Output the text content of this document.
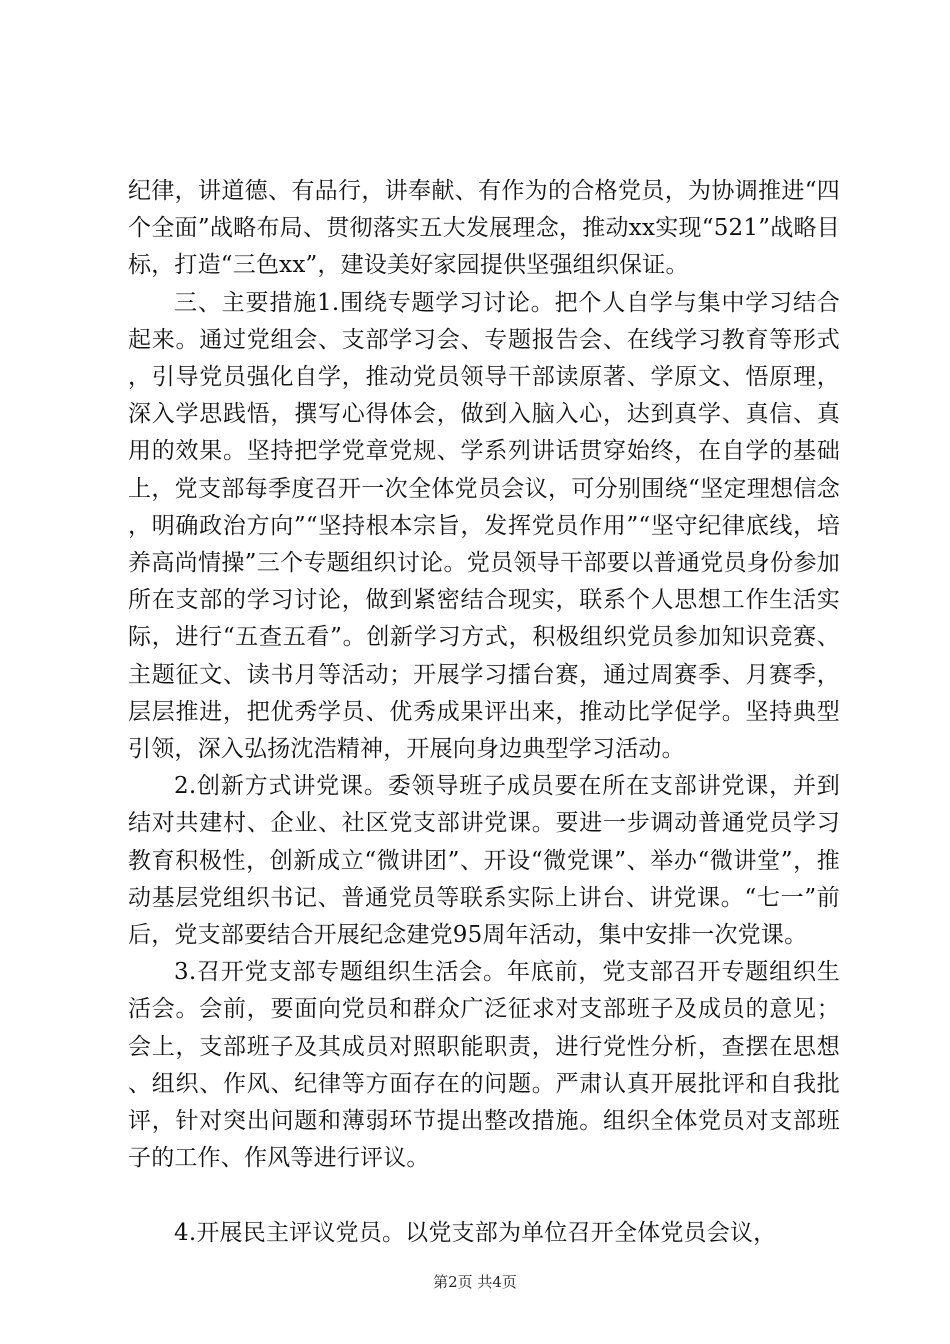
纪律，讲道德、有品行，讲奉献、有作为的合格党员，为协调推进“四个全面”战略布局、贯彻落实五大发展理念，推动xx实现“521”战略目标，打造“三色xx”，建设美好家园提供坚强组织保证。

三、主要措施1.围绕专题学习讨论。把个人自学与集中学习结合起来。通过党组会、支部学习会、专题报告会、在线学习教育等形式，引导党员强化自学，推动党员领导干部读原著、学原文、悟原理，深入学思践悟，撰写心得体会，做到入脑入心，达到真学、真信、真用的效果。坚持把学党章党规、学系列讲话贯穿始终，在自学的基础上，党支部每季度召开一次全体党员会议，可分别围绕“坚定理想信念，明确政治方向”“坚持根本宗旨，发挥党员作用”“坚守纪律底线，培养高尚情操”三个专题组织讨论。党员领导干部要以普通党员身份参加所在支部的学习讨论，做到紧密结合现实，联系个人思想工作生活实际，进行“五查五看”。创新学习方式，积极组织党员参加知识竞赛、主题征文、读书月等活动；开展学习擂台赛，通过周赛季、月赛季，层层推进，把优秀学员、优秀成果评出来，推动比学促学。坚持典型引领，深入弘扬沈浩精神，开展向身边典型学习活动。

2.创新方式讲党课。委领导班子成员要在所在支部讲党课，并到结对共建村、企业、社区党支部讲党课。要进一步调动普通党员学习教育积极性，创新成立“微讲团”、开设“微党课”、举办“微讲堂”，推动基层党组织书记、普通党员等联系实际上讲台、讲党课。“七一”前后，党支部要结合开展纪念建党95周年活动，集中安排一次党课。

3.召开党支部专题组织生活会。年底前，党支部召开专题组织生活会。会前，要面向党员和群众广泛征求对支部班子及成员的意见；会上，支部班子及其成员对照职能职责，进行党性分析，查摆在思想、组织、作风、纪律等方面存在的问题。严肃认真开展批评和自我批评，针对突出问题和薄弱环节提出整改措施。组织全体党员对支部班子的工作、作风等进行评议。

4.开展民主评议党员。以党支部为单位召开全体党员会议，

第2页 共4页
